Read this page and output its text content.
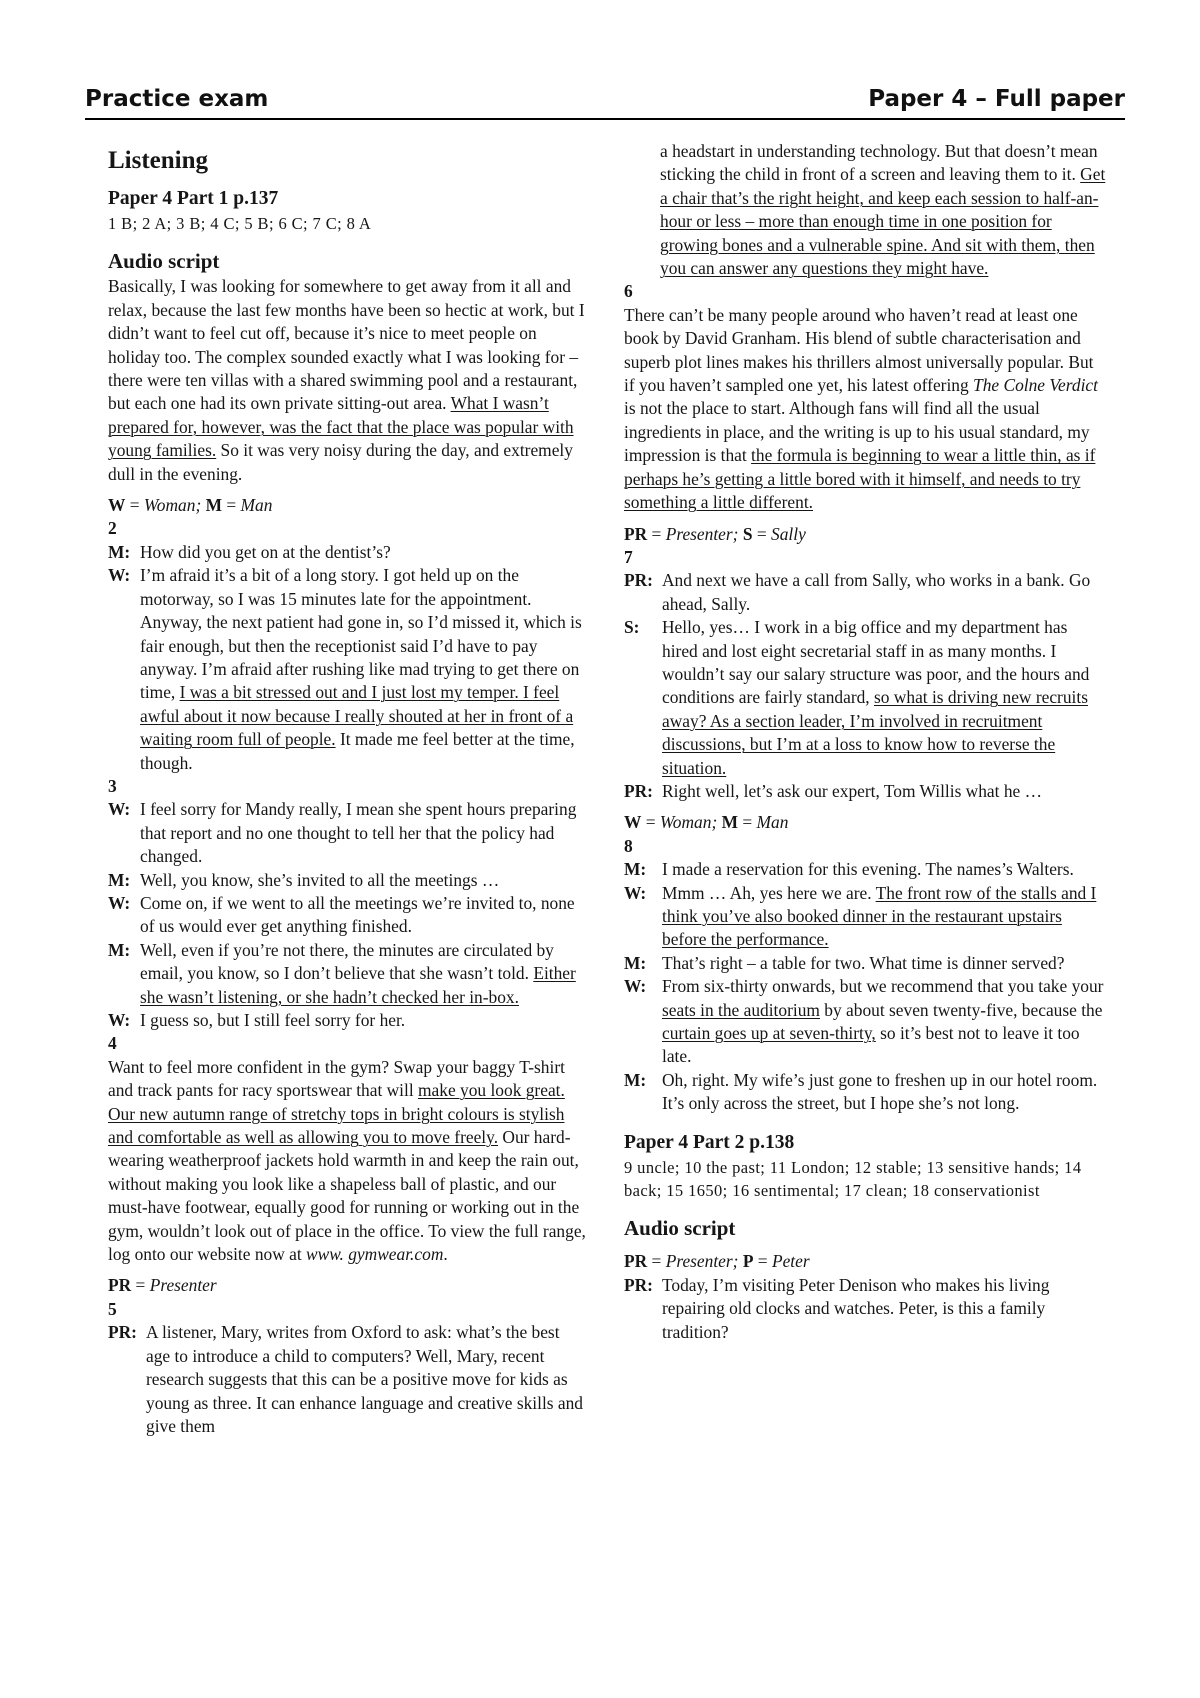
Practice exam	Paper 4 – Full paper

Listening

Paper 4 Part 1 p.137

1 B; 2 A; 3 B; 4 C; 5 B; 6 C; 7 C; 8 A

Audio script

Basically, I was looking for somewhere to get away from it all and relax, because the last few months have been so hectic at work, but I didn’t want to feel cut off, because it’s nice to meet people on holiday too. The complex sounded exactly what I was looking for – there were ten villas with a shared swimming pool and a restaurant, but each one had its own private sitting-out area. What I wasn’t prepared for, however, was the fact that the place was popular with young families. So it was very noisy during the day, and extremely dull in the evening.

W = Woman; M = Man

2

M: How did you get on at the dentist’s?
W: I’m afraid it’s a bit of a long story. I got held up on the motorway, so I was 15 minutes late for the appointment. Anyway, the next patient had gone in, so I’d missed it, which is fair enough, but then the receptionist said I’d have to pay anyway. I’m afraid after rushing like mad trying to get there on time, I was a bit stressed out and I just lost my temper. I feel awful about it now because I really shouted at her in front of a waiting room full of people. It made me feel better at the time, though.

3

W: I feel sorry for Mandy really, I mean she spent hours preparing that report and no one thought to tell her that the policy had changed.
M: Well, you know, she’s invited to all the meetings …
W: Come on, if we went to all the meetings we’re invited to, none of us would ever get anything finished.
M: Well, even if you’re not there, the minutes are circulated by email, you know, so I don’t believe that she wasn’t told. Either she wasn’t listening, or she hadn’t checked her in-box.
W: I guess so, but I still feel sorry for her.

4

Want to feel more confident in the gym? Swap your baggy T-shirt and track pants for racy sportswear that will make you look great. Our new autumn range of stretchy tops in bright colours is stylish and comfortable as well as allowing you to move freely. Our hard-wearing weatherproof jackets hold warmth in and keep the rain out, without making you look like a shapeless ball of plastic, and our must-have footwear, equally good for running or working out in the gym, wouldn’t look out of place in the office. To view the full range, log onto our website now at www. gymwear.com.

PR = Presenter

5

PR: A listener, Mary, writes from Oxford to ask: what’s the best age to introduce a child to computers? Well, Mary, recent research suggests that this can be a positive move for kids as young as three. It can enhance language and creative skills and give them

a headstart in understanding technology. But that doesn’t mean sticking the child in front of a screen and leaving them to it. Get a chair that’s the right height, and keep each session to half-an-hour or less – more than enough time in one position for growing bones and a vulnerable spine. And sit with them, then you can answer any questions they might have.

6

There can’t be many people around who haven’t read at least one book by David Granham. His blend of subtle characterisation and superb plot lines makes his thrillers almost universally popular. But if you haven’t sampled one yet, his latest offering The Colne Verdict is not the place to start. Although fans will find all the usual ingredients in place, and the writing is up to his usual standard, my impression is that the formula is beginning to wear a little thin, as if perhaps he’s getting a little bored with it himself, and needs to try something a little different.

PR = Presenter; S = Sally

7

PR: And next we have a call from Sally, who works in a bank. Go ahead, Sally.
S:	Hello, yes… I work in a big office and my department has hired and lost eight secretarial staff in as many months. I wouldn’t say our salary structure was poor, and the hours and conditions are fairly standard, so what is driving new recruits away? As a section leader, I’m involved in recruitment discussions, but I’m at a loss to know how to reverse the situation.
PR: Right well, let’s ask our expert, Tom Willis what he …

W = Woman; M = Man

8

M: I made a reservation for this evening. The names’s Walters.
W: Mmm … Ah, yes here we are. The front row of the stalls and I think you’ve also booked dinner in the restaurant upstairs before the performance.
M: That’s right – a table for two. What time is dinner served?
W: From six-thirty onwards, but we recommend that you take your seats in the auditorium by about seven twenty-five, because the curtain goes up at seven-thirty, so it’s best not to leave it too late.
M: Oh, right. My wife’s just gone to freshen up in our hotel room. It’s only across the street, but I hope she’s not long.

Paper 4 Part 2 p.138

9 uncle; 10 the past; 11 London; 12 stable; 13 sensitive hands; 14 back; 15 1650; 16 sentimental; 17 clean; 18 conservationist

Audio script

PR = Presenter; P = Peter

PR: Today, I’m visiting Peter Denison who makes his living repairing old clocks and watches. Peter, is this a family tradition?
